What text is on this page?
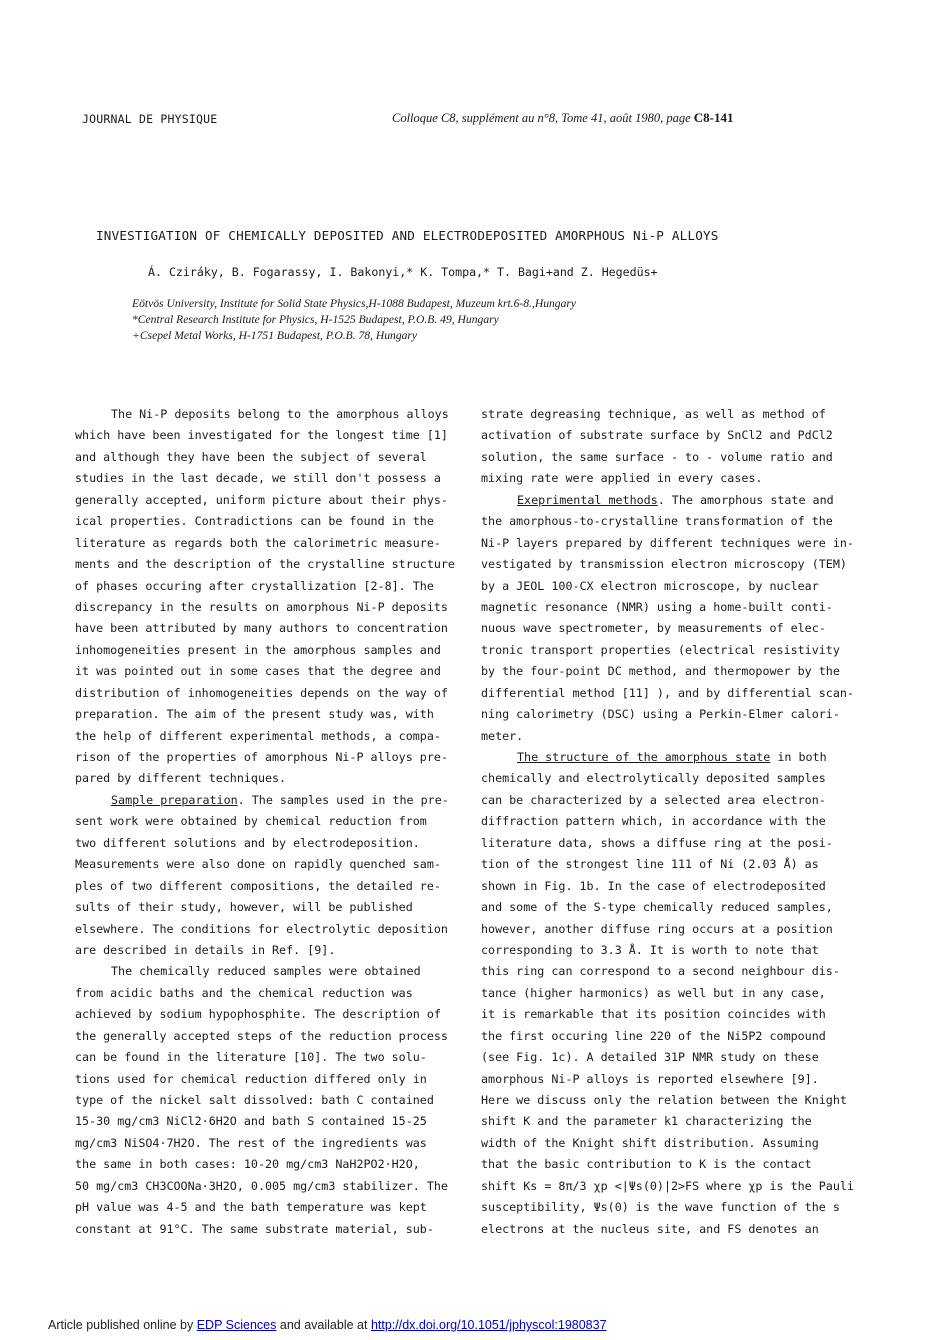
JOURNAL DE PHYSIQUE	Colloque C8, supplément au n°8, Tome 41, août 1980, page C8-141
INVESTIGATION OF CHEMICALLY DEPOSITED AND ELECTRODEPOSITED AMORPHOUS Ni-P ALLOYS
Á. Cziráky, B. Fogarassy, I. Bakonyi,* K. Tompa,* T. Bagi+and Z. Hegedüs+
Eötvös University, Institute for Solid State Physics,H-1088 Budapest, Muzeum krt.6-8.,Hungary
*Central Research Institute for Physics, H-1525 Budapest, P.O.B. 49, Hungary
+Csepel Metal Works, H-1751 Budapest, P.O.B. 78, Hungary
The Ni-P deposits belong to the amorphous alloys
which have been investigated for the longest time [1]
and although they have been the subject of several
studies in the last decade, we still don't possess a
generally accepted, uniform picture about their phys-
ical properties. Contradictions can be found in the
literature as regards both the calorimetric measure-
ments and the description of the crystalline structure
of phases occuring after crystallization [2-8]. The
discrepancy in the results on amorphous Ni-P deposits
have been attributed by many authors to concentration
inhomogeneities present in the amorphous samples and
it was pointed out in some cases that the degree and
distribution of inhomogeneities depends on the way of
preparation. The aim of the present study was, with
the help of different experimental methods, a compa-
rison of the properties of amorphous Ni-P alloys pre-
pared by different techniques.
Sample preparation. The samples used in the pre-
sent work were obtained by chemical reduction from
two different solutions and by electrodeposition.
Measurements were also done on rapidly quenched sam-
ples of two different compositions, the detailed re-
sults of their study, however, will be published
elsewhere. The conditions for electrolytic deposition
are described in details in Ref. [9].
The chemically reduced samples were obtained
from acidic baths and the chemical reduction was
achieved by sodium hypophosphite. The description of
the generally accepted steps of the reduction process
can be found in the literature [10]. The two solu-
tions used for chemical reduction differed only in
type of the nickel salt dissolved: bath C contained
15-30 mg/cm3 NiCl2·6H2O and bath S contained 15-25
mg/cm3 NiSO4·7H2O. The rest of the ingredients was
the same in both cases: 10-20 mg/cm3 NaH2PO2·H2O,
50 mg/cm3 CH3COONa·3H2O, 0.005 mg/cm3 stabilizer. The
pH value was 4-5 and the bath temperature was kept
constant at 91°C. The same substrate material, sub-
strate degreasing technique, as well as method of
activation of substrate surface by SnCl2 and PdCl2
solution, the same surface - to - volume ratio and
mixing rate were applied in every cases.
Exeprimental methods. The amorphous state and
the amorphous-to-crystalline transformation of the
Ni-P layers prepared by different techniques were in-
vestigated by transmission electron microscopy (TEM)
by a JEOL 100-CX electron microscope, by nuclear
magnetic resonance (NMR) using a home-built conti-
nuous wave spectrometer, by measurements of elec-
tronic transport properties (electrical resistivity
by the four-point DC method, and thermopower by the
differential method [11] ), and by differential scan-
ning calorimetry (DSC) using a Perkin-Elmer calori-
meter.
The structure of the amorphous state in both
chemically and electrolytically deposited samples
can be characterized by a selected area electron-
diffraction pattern which, in accordance with the
literature data, shows a diffuse ring at the posi-
tion of the strongest line 111 of Ni (2.03 Å) as
shown in Fig. 1b. In the case of electrodeposited
and some of the S-type chemically reduced samples,
however, another diffuse ring occurs at a position
corresponding to 3.3 Å. It is worth to note that
this ring can correspond to a second neighbour dis-
tance (higher harmonics) as well but in any case,
it is remarkable that its position coincides with
the first occuring line 220 of the Ni5P2 compound
(see Fig. 1c). A detailed 31P NMR study on these
amorphous Ni-P alloys is reported elsewhere [9].
Here we discuss only the relation between the Knight
shift K and the parameter k1 characterizing the
width of the Knight shift distribution. Assuming
that the basic contribution to K is the contact
shift Ks = 8π/3 χp <|Ψs(0)|2>FS where χp is the Pauli
susceptibility, Ψs(0) is the wave function of the s
electrons at the nucleus site, and FS denotes an
Article published online by EDP Sciences and available at http://dx.doi.org/10.1051/jphyscol:1980837
